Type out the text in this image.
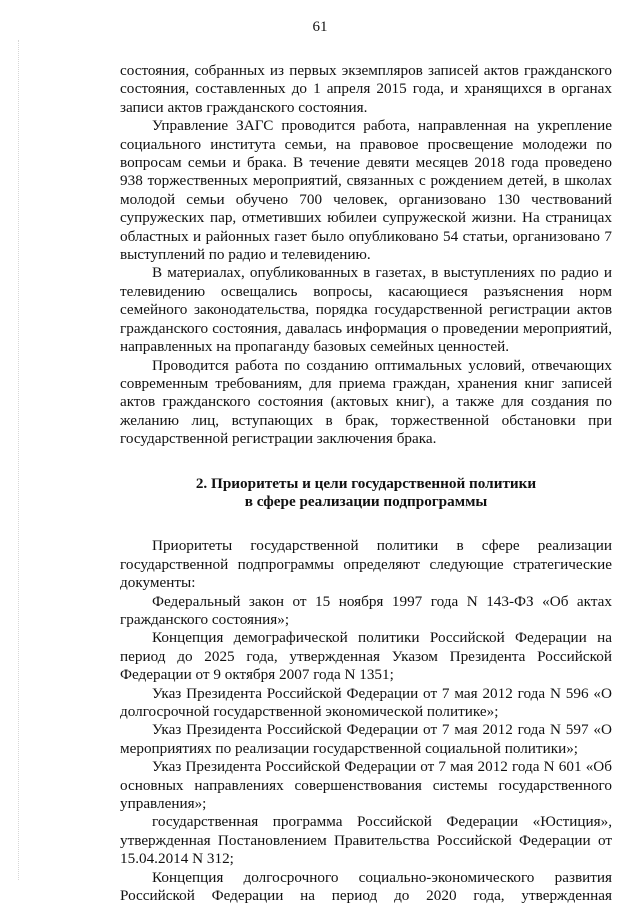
61

состояния, собранных из первых экземпляров записей актов гражданского состояния, составленных до 1 апреля 2015 года, и хранящихся в органах записи актов гражданского состояния.

Управление ЗАГС проводится работа, направленная на укрепление социального института семьи, на правовое просвещение молодежи по вопросам семьи и брака. В течение девяти месяцев 2018 года проведено 938 торжественных мероприятий, связанных с рождением детей, в школах молодой семьи обучено 700 человек, организовано 130 чествований супружеских пар, отметивших юбилеи супружеской жизни. На страницах областных и районных газет было опубликовано 54 статьи, организовано 7 выступлений по радио и телевидению.

В материалах, опубликованных в газетах, в выступлениях по радио и телевидению освещались вопросы, касающиеся разъяснения норм семейного законодательства, порядка государственной регистрации актов гражданского состояния, давалась информация о проведении мероприятий, направленных на пропаганду базовых семейных ценностей.

Проводится работа по созданию оптимальных условий, отвечающих современным требованиям, для приема граждан, хранения книг записей актов гражданского состояния (актовых книг), а также для создания по желанию лиц, вступающих в брак, торжественной обстановки при государственной регистрации заключения брака.

2. Приоритеты и цели государственной политики
в сфере реализации подпрограммы

Приоритеты государственной политики в сфере реализации государственной подпрограммы определяют следующие стратегические документы:

Федеральный закон от 15 ноября 1997 года N 143-ФЗ «Об актах гражданского состояния»;

Концепция демографической политики Российской Федерации на период до 2025 года, утвержденная Указом Президента Российской Федерации от 9 октября 2007 года N 1351;

Указ Президента Российской Федерации от 7 мая 2012 года N 596 «О долгосрочной государственной экономической политике»;

Указ Президента Российской Федерации от 7 мая 2012 года N 597 «О мероприятиях по реализации государственной социальной политики»;

Указ Президента Российской Федерации от 7 мая 2012 года N 601 «Об основных направлениях совершенствования системы государственного управления»;

государственная программа Российской Федерации «Юстиция», утвержденная Постановлением Правительства Российской Федерации от 15.04.2014 N 312;

Концепция долгосрочного социально-экономического развития Российской Федерации на период до 2020 года, утвержденная
